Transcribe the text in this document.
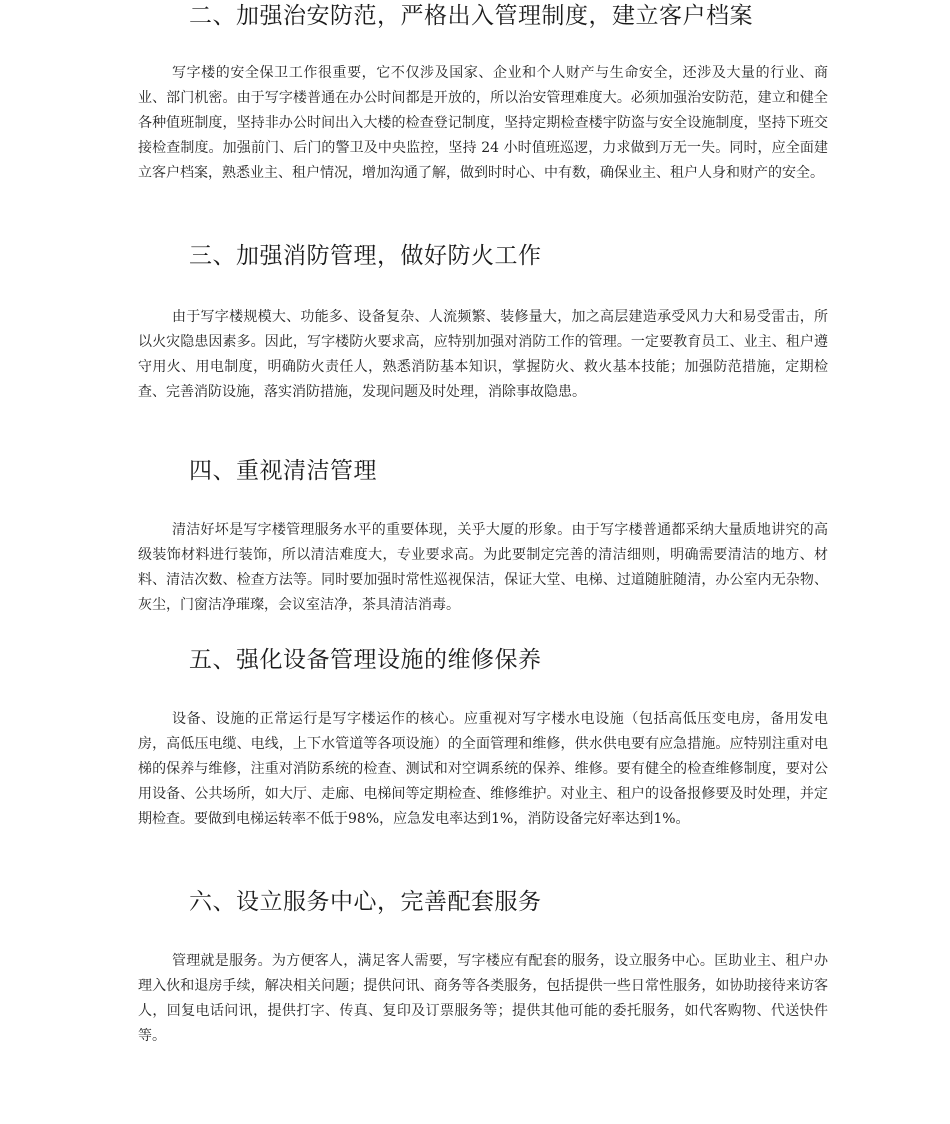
二、加强治安防范，严格出入管理制度，建立客户档案

写字楼的安全保卫工作很重要，它不仅涉及国家、企业和个人财产与生命安全，还涉及大量的行业、商业、部门机密。由于写字楼普通在办公时间都是开放的，所以治安管理难度大。必须加强治安防范，建立和健全各种值班制度，坚持非办公时间出入大楼的检查登记制度，坚持定期检查楼宇防盗与安全设施制度，坚持下班交接检查制度。加强前门、后门的警卫及中央监控，坚持 24 小时值班巡逻，力求做到万无一失。同时，应全面建立客户档案，熟悉业主、租户情况，增加沟通了解，做到时时心、中有数，确保业主、租户人身和财产的安全。

三、加强消防管理，做好防火工作

由于写字楼规模大、功能多、设备复杂、人流频繁、装修量大，加之高层建造承受风力大和易受雷击，所以火灾隐患因素多。因此，写字楼防火要求高，应特别加强对消防工作的管理。一定要教育员工、业主、租户遵守用火、用电制度，明确防火责任人，熟悉消防基本知识，掌握防火、救火基本技能；加强防范措施，定期检查、完善消防设施，落实消防措施，发现问题及时处理，消除事故隐患。

四、重视清洁管理

清洁好坏是写字楼管理服务水平的重要体现，关乎大厦的形象。由于写字楼普通都采纳大量质地讲究的高级装饰材料进行装饰，所以清洁难度大，专业要求高。为此要制定完善的清洁细则，明确需要清洁的地方、材料、清洁次数、检查方法等。同时要加强时常性巡视保洁，保证大堂、电梯、过道随脏随清，办公室内无杂物、灰尘，门窗洁净璀璨，会议室洁净，茶具清洁消毒。

五、强化设备管理设施的维修保养

设备、设施的正常运行是写字楼运作的核心。应重视对写字楼水电设施（包括高低压变电房，备用发电房，高低压电缆、电线，上下水管道等各项设施）的全面管理和维修，供水供电要有应急措施。应特别注重对电梯的保养与维修，注重对消防系统的检查、测试和对空调系统的保养、维修。要有健全的检查维修制度，要对公用设备、公共场所，如大厅、走廊、电梯间等定期检查、维修维护。对业主、租户的设备报修要及时处理，并定期检查。要做到电梯运转率不低于98%，应急发电率达到1%，消防设备完好率达到1%。

六、设立服务中心，完善配套服务

管理就是服务。为方便客人，满足客人需要，写字楼应有配套的服务，设立服务中心。匡助业主、租户办理入伙和退房手续，解决相关问题；提供问讯、商务等各类服务，包括提供一些日常性服务，如协助接待来访客人，回复电话问讯，提供打字、传真、复印及订票服务等；提供其他可能的委托服务，如代客购物、代送快件等。
